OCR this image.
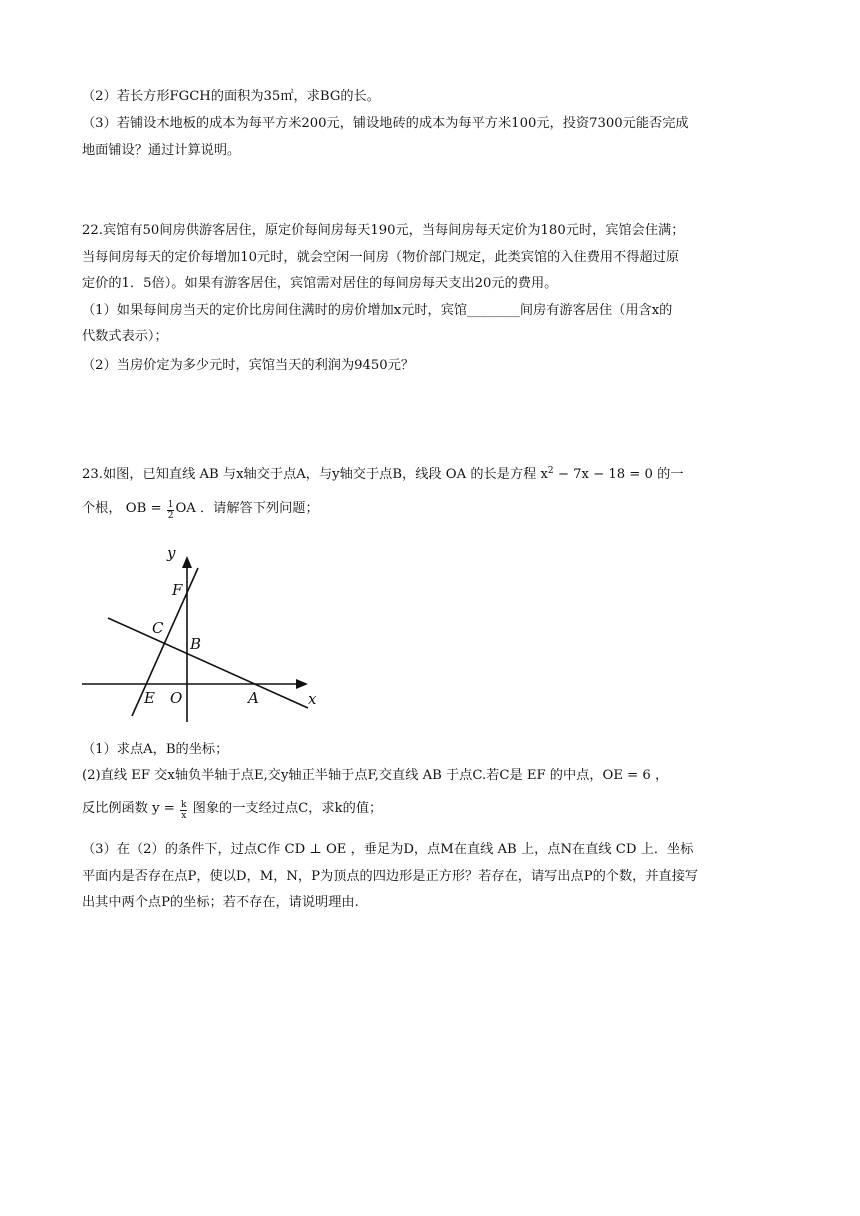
（2）若长方形FGCH的面积为35㎡，求BG的长。
（3）若铺设木地板的成本为每平方米200元，铺设地砖的成本为每平方米100元，投资7300元能否完成
地面铺设？通过计算说明。
22.宾馆有50间房供游客居住，原定价每间房每天190元，当每间房每天定价为180元时，宾馆会住满；
当每间房每天的定价每增加10元时，就会空闲一间房（物价部门规定，此类宾馆的入住费用不得超过原
定价的1．5倍）。如果有游客居住，宾馆需对居住的每间房每天支出20元的费用。
（1）如果每间房当天的定价比房间住满时的房价增加x元时，宾馆________间房有游客居住（用含x的
代数式表示）；
（2）当房价定为多少元时，宾馆当天的利润为9450元？
23.如图，已知直线 AB 与x轴交于点A，与y轴交于点B，线段 OA 的长是方程 $x^2 - 7x - 18 = 0$ 的一
个根， OB = $\frac{1}{2}$ OA ．请解答下列问题；
y
x
F
C
B
E O	A
（1）求点A，B的坐标；
(2)直线 EF 交x轴负半轴于点E,交y轴正半轴于点F,交直线 AB 于点C.若C是 EF 的中点，OE = 6 ，
反比例函数 $y = \frac{k}{x}$ 图象的一支经过点C，求k的值；
（3）在（2）的条件下，过点C作 CD ⊥ OE ，垂足为D，点M在直线 AB 上，点N在直线 CD 上．坐标
平面内是否存在点P，使以D，M，N，P为顶点的四边形是正方形？若存在，请写出点P的个数，并直接写
出其中两个点P的坐标；若不存在，请说明理由.
